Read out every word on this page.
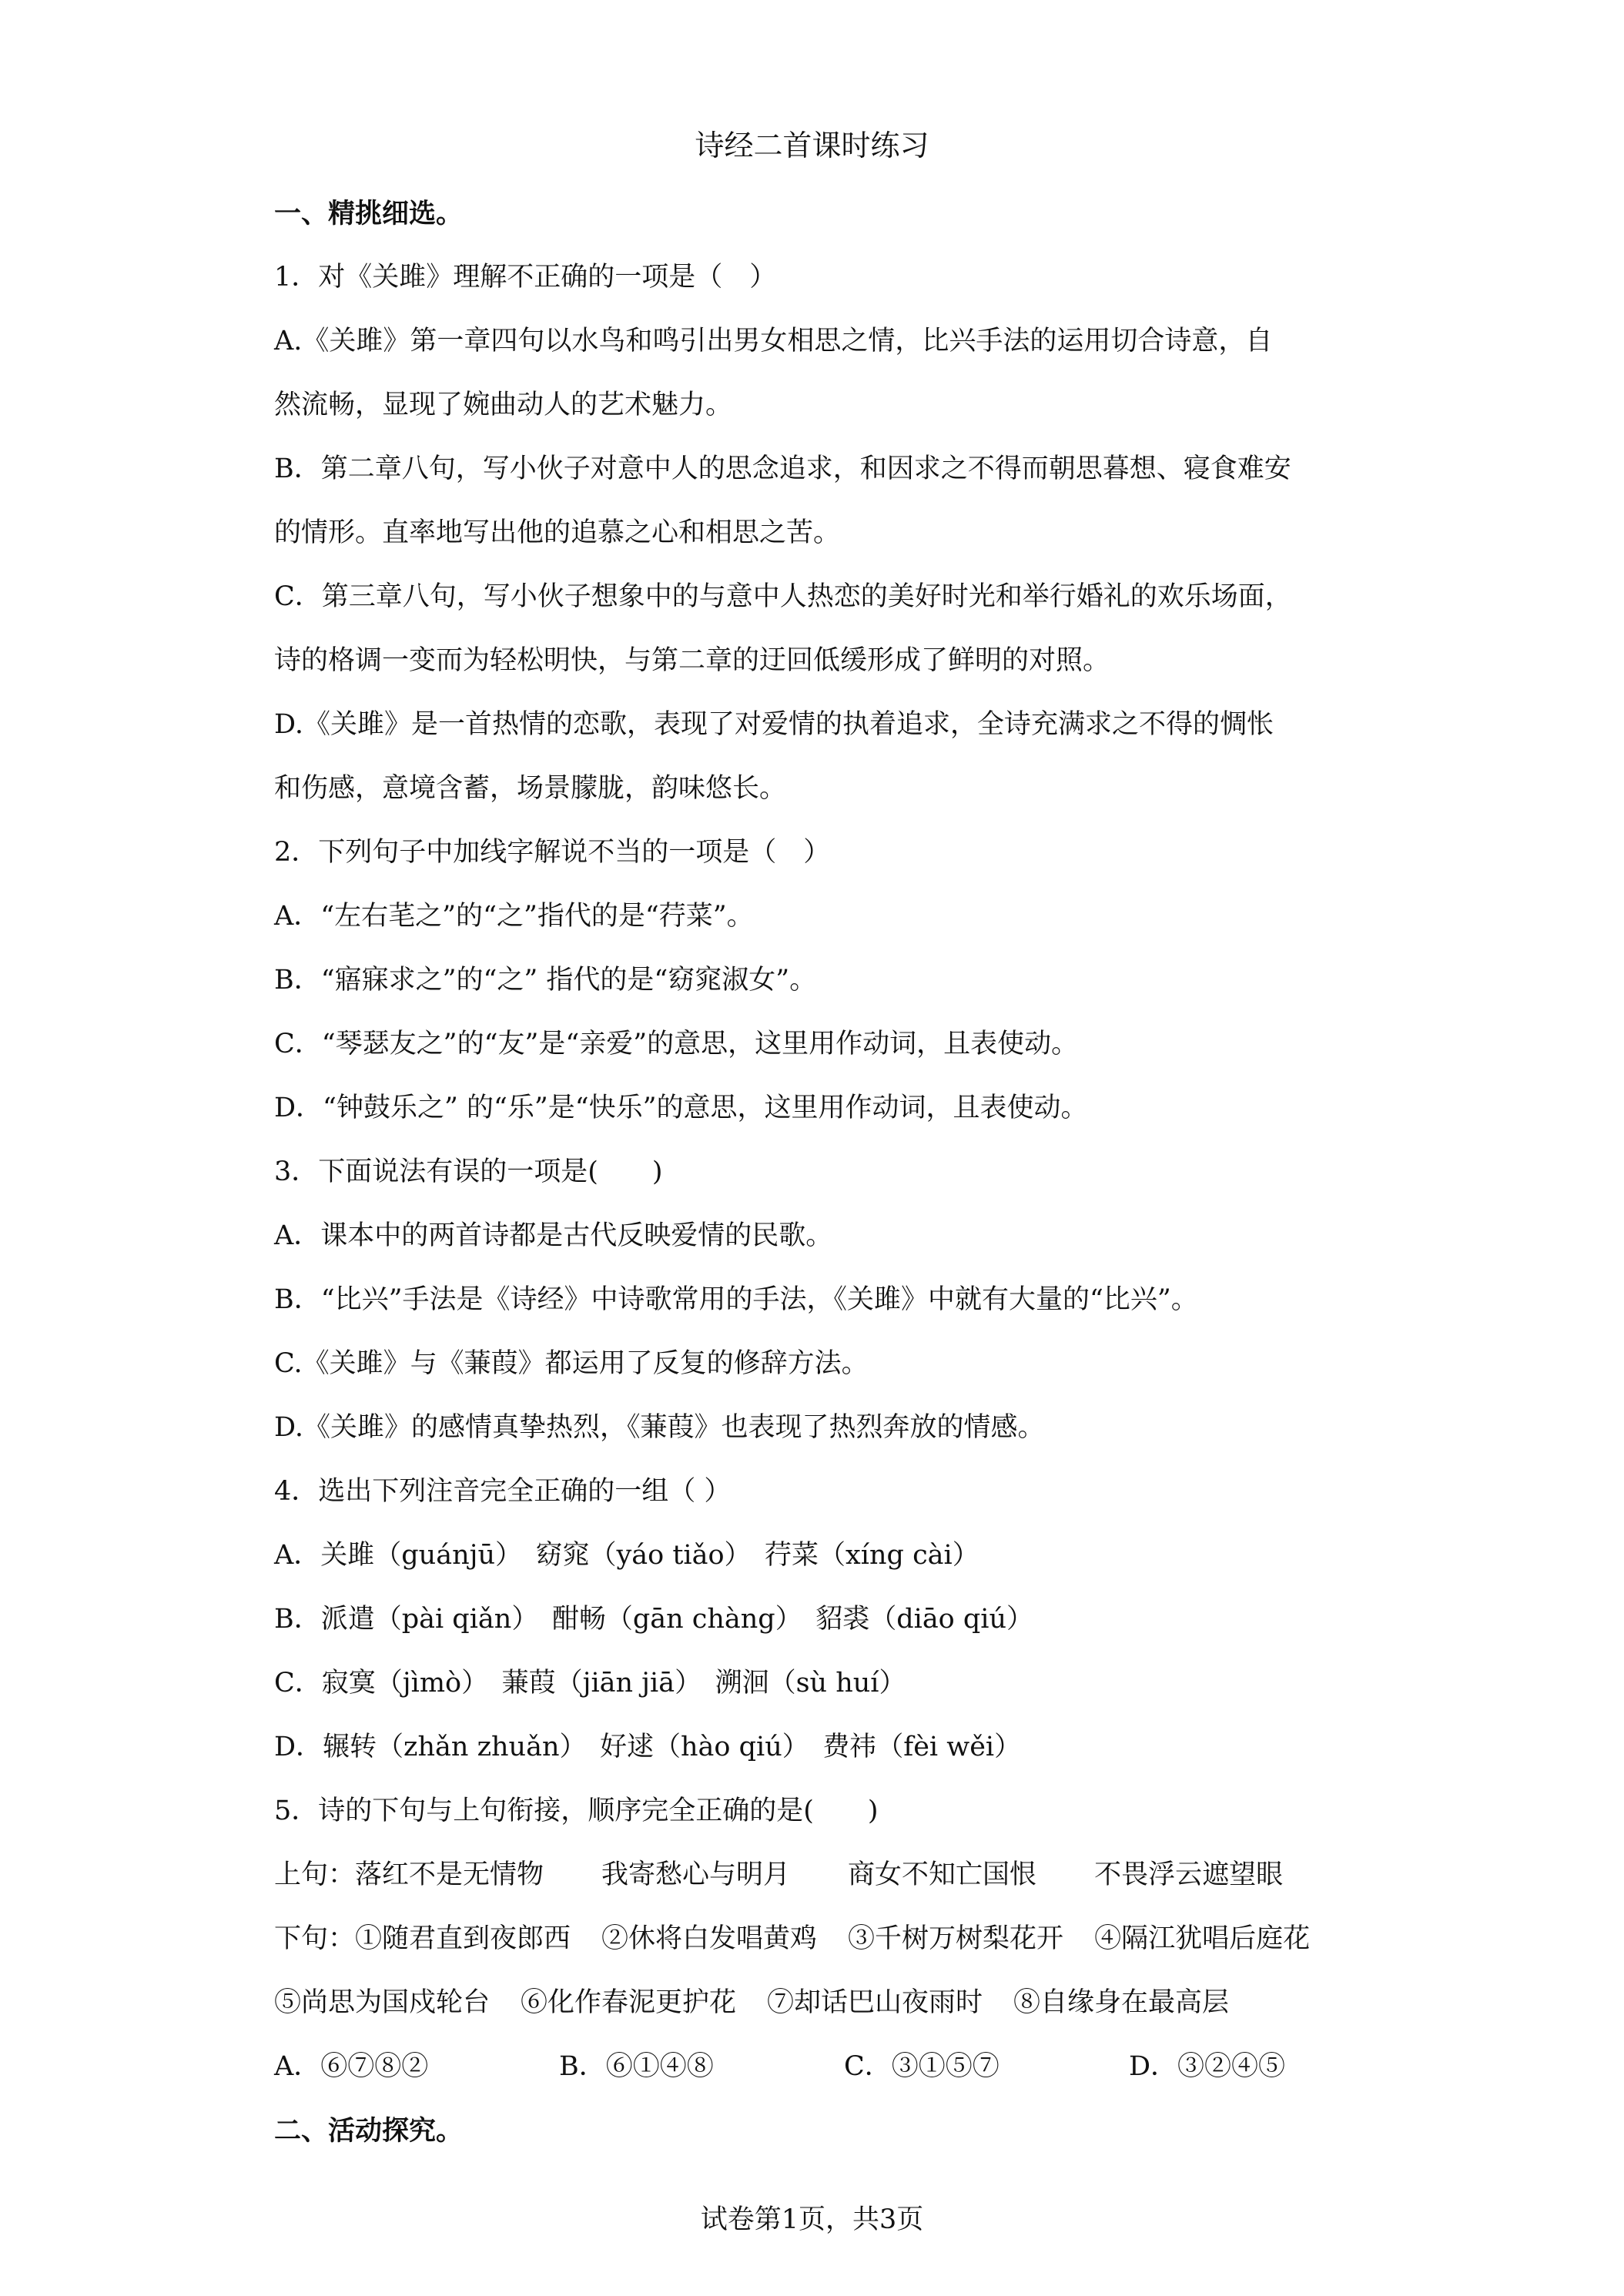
诗经二首课时练习
一、精挑细选。
1．对《关雎》理解不正确的一项是（　）
A.《关雎》第一章四句以水鸟和鸣引出男女相思之情，比兴手法的运用切合诗意，自
然流畅，显现了婉曲动人的艺术魅力。
B．第二章八句，写小伙子对意中人的思念追求，和因求之不得而朝思暮想、寝食难安
的情形。直率地写出他的追慕之心和相思之苦。
C．第三章八句，写小伙子想象中的与意中人热恋的美好时光和举行婚礼的欢乐场面，
诗的格调一变而为轻松明快，与第二章的迂回低缓形成了鲜明的对照。
D.《关雎》是一首热情的恋歌，表现了对爱情的执着追求，全诗充满求之不得的惆怅
和伤感，意境含蓄，场景朦胧，韵味悠长。
2．下列句子中加线字解说不当的一项是（　）
A．“左右芼之”的“之”指代的是“荇菜”。
B．“寤寐求之”的“之” 指代的是“窈窕淑女”。
C．“琴瑟友之”的“友”是“亲爱”的意思，这里用作动词，且表使动。
D．“钟鼓乐之” 的“乐”是“快乐”的意思，这里用作动词，且表使动。
3．下面说法有误的一项是(　　)
A．课本中的两首诗都是古代反映爱情的民歌。
B．“比兴”手法是《诗经》中诗歌常用的手法，《关雎》中就有大量的“比兴”。
C.《关雎》与《蒹葭》都运用了反复的修辞方法。
D.《关雎》的感情真挚热烈，《蒹葭》也表现了热烈奔放的情感。
4．选出下列注音完全正确的一组（ ）
A．关雎（guánjū）　窈窕（yáo tiǎo）　荇菜（xíng cài）
B．派遣（pài qiǎn）　酣畅（gān chàng）　貂裘（diāo qiú）
C．寂寞（jìmò）　蒹葭（jiān jiā）　溯洄（sù huí）
D．辗转（zhǎn zhuǎn）　好逑（hào qiú）　费祎（fèi wěi）
5．诗的下句与上句衔接，顺序完全正确的是(　　)
上句：落红不是无情物 我寄愁心与明月 商女不知亡国恨 不畏浮云遮望眼
下句：①随君直到夜郎西 ②休将白发唱黄鸡 ③千树万树梨花开 ④隔江犹唱后庭花
⑤尚思为国戍轮台 ⑥化作春泥更护花 ⑦却话巴山夜雨时 ⑧自缘身在最高层
A．⑥⑦⑧②	B．⑥①④⑧	C．③①⑤⑦	D．③②④⑤
二、活动探究。
试卷第1页，共3页
